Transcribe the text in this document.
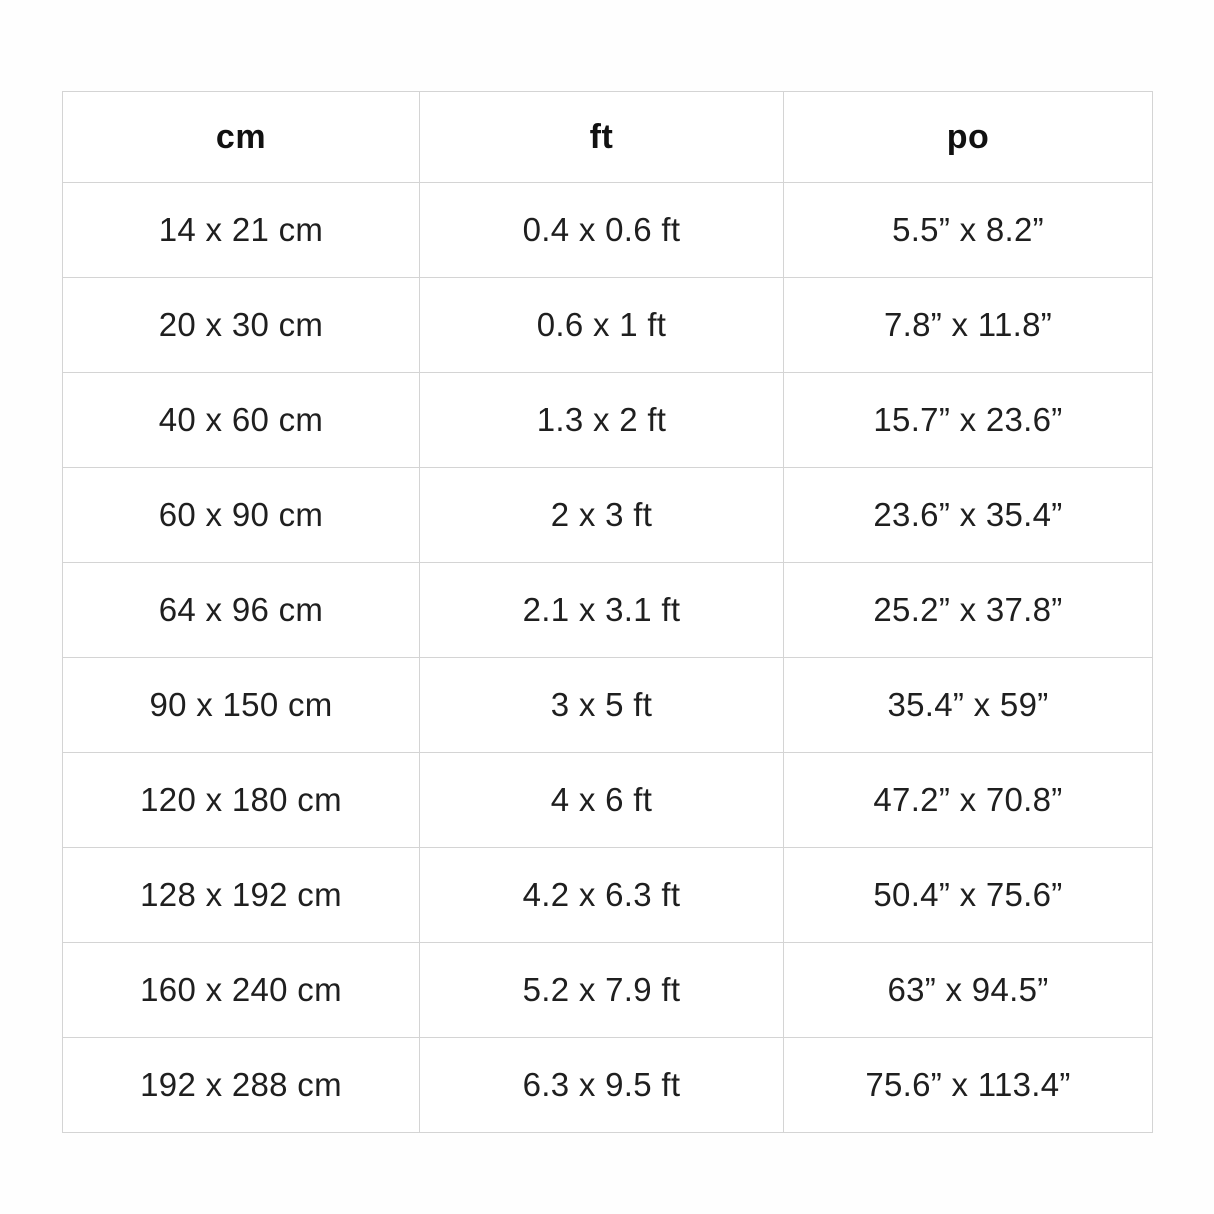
cm	ft	po

14 x 21 cm	0.4 x 0.6 ft	5.5” x 8.2”

20 x 30 cm	0.6 x 1 ft	7.8” x 11.8”

40 x 60 cm	1.3 x 2 ft	15.7” x 23.6”

60 x 90 cm	2 x 3 ft	23.6” x 35.4”

64 x 96 cm	2.1 x 3.1 ft	25.2” x 37.8”

90 x 150 cm	3 x 5 ft	35.4” x 59”

120 x 180 cm	4 x 6 ft	47.2” x 70.8”

128 x 192 cm	4.2 x 6.3 ft	50.4” x 75.6”

160 x 240 cm	5.2 x 7.9 ft	63” x 94.5”

192 x 288 cm	6.3 x 9.5 ft	75.6” x 113.4”
